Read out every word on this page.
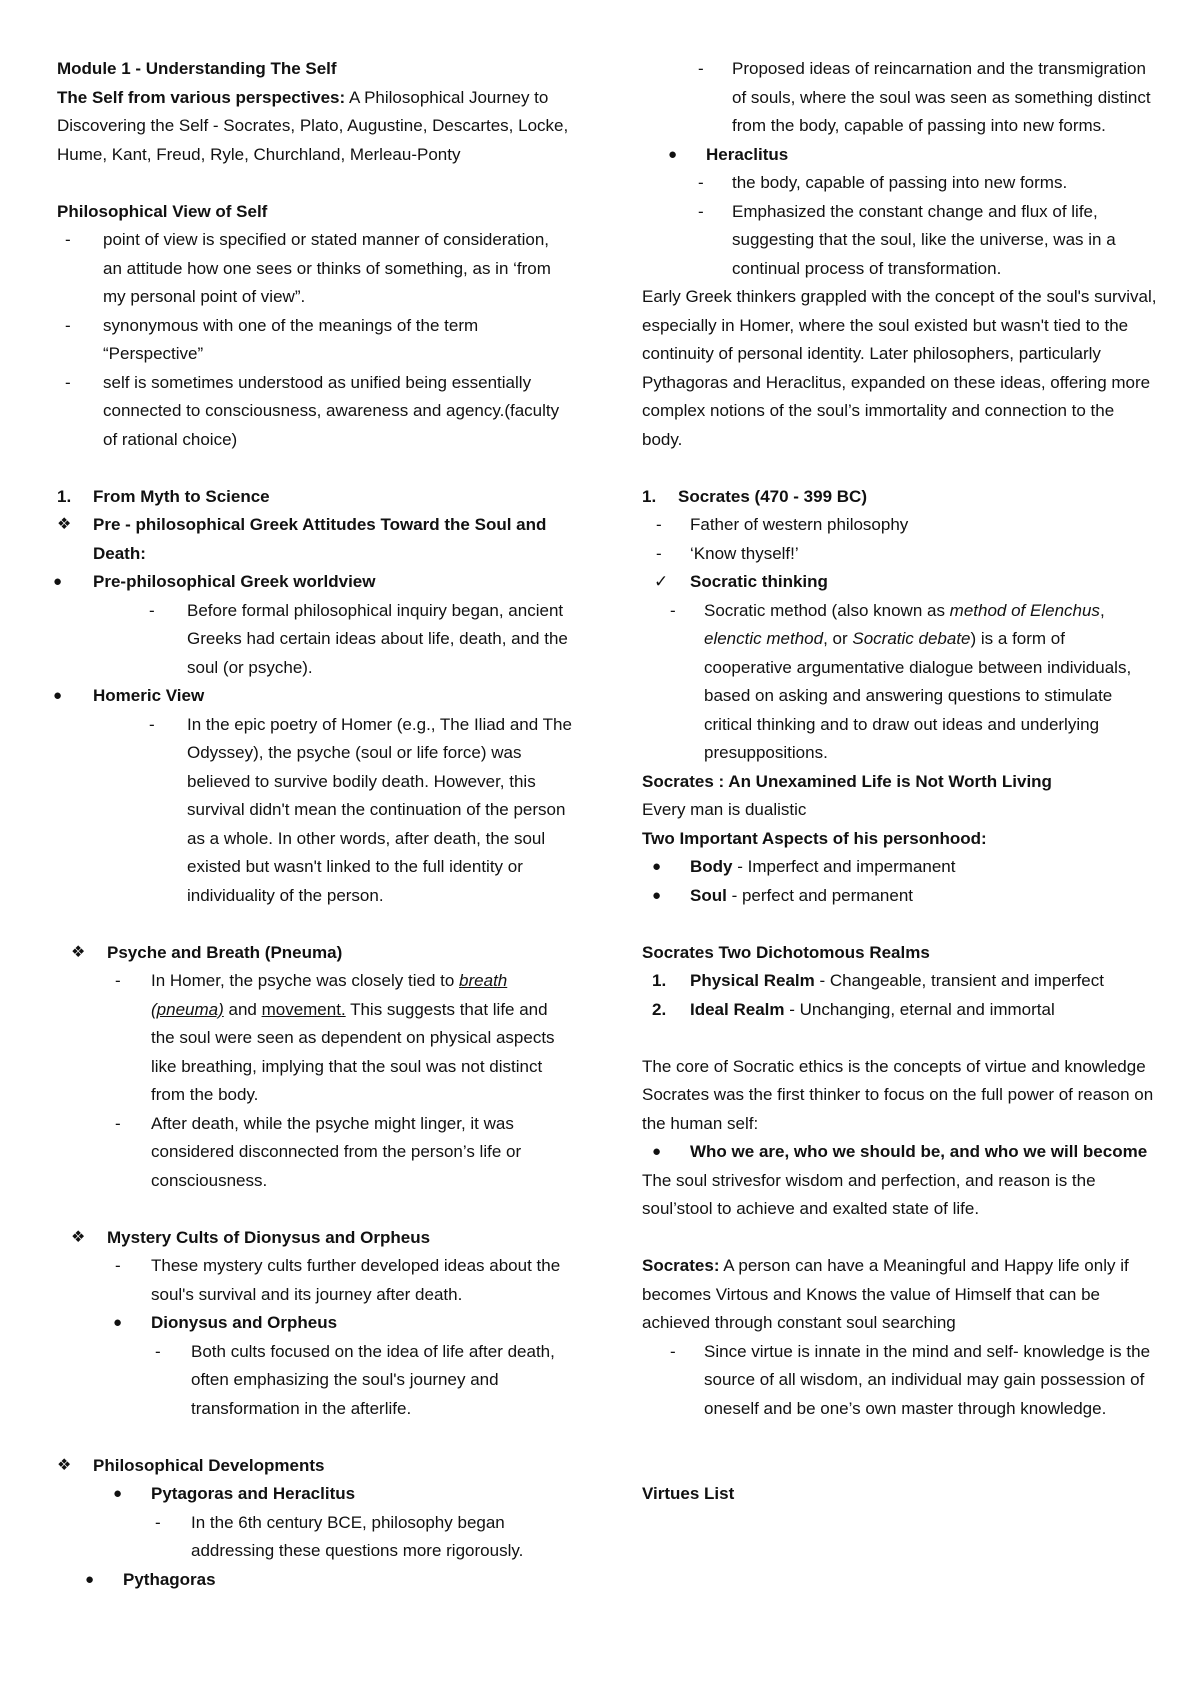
Module 1 - Understanding The Self

The Self from various perspectives: A Philosophical Journey to Discovering the Self - Socrates, Plato, Augustine, Descartes, Locke, Hume, Kant, Freud, Ryle, Churchland, Merleau-Ponty

Philosophical View of Self

- point of view is specified or stated manner of consideration, an attitude how one sees or thinks of something, as in ‘from my personal point of view”.
- synonymous with one of the meanings of the term “Perspective”
- self is sometimes understood as unified being essentially connected to consciousness, awareness and agency.(faculty of rational choice)
1. From Myth to Science
❖ Pre - philosophical Greek Attitudes Toward the Soul and Death:
● Pre-philosophical Greek worldview
- Before formal philosophical inquiry began, ancient Greeks had certain ideas about life, death, and the soul (or psyche).
● Homeric View
- In the epic poetry of Homer (e.g., The Iliad and The Odyssey), the psyche (soul or life force) was believed to survive bodily death. However, this survival didn't mean the continuation of the person as a whole. In other words, after death, the soul existed but wasn't linked to the full identity or individuality of the person.
❖ Psyche and Breath (Pneuma)
- In Homer, the psyche was closely tied to breath (pneuma) and movement. This suggests that life and the soul were seen as dependent on physical aspects like breathing, implying that the soul was not distinct from the body.
- After death, while the psyche might linger, it was considered disconnected from the person’s life or consciousness.
❖ Mystery Cults of Dionysus and Orpheus
- These mystery cults further developed ideas about the soul's survival and its journey after death.
● Dionysus and Orpheus
- Both cults focused on the idea of life after death, often emphasizing the soul's journey and transformation in the afterlife.
❖ Philosophical Developments
● Pytagoras and Heraclitus
- In the 6th century BCE, philosophy began addressing these questions more rigorously.
● Pythagoras
- Proposed ideas of reincarnation and the transmigration of souls, where the soul was seen as something distinct from the body, capable of passing into new forms.
● Heraclitus
- the body, capable of passing into new forms.
- Emphasized the constant change and flux of life, suggesting that the soul, like the universe, was in a continual process of transformation.

Early Greek thinkers grappled with the concept of the soul's survival, especially in Homer, where the soul existed but wasn't tied to the continuity of personal identity. Later philosophers, particularly Pythagoras and Heraclitus, expanded on these ideas, offering more complex notions of the soul’s immortality and connection to the body.

1. Socrates (470 - 399 BC)
- Father of western philosophy
- ‘Know thyself!’
✓ Socratic thinking
- Socratic method (also known as method of Elenchus, elenctic method, or Socratic debate) is a form of cooperative argumentative dialogue between individuals, based on asking and answering questions to stimulate critical thinking and to draw out ideas and underlying presuppositions.

Socrates : An Unexamined Life is Not Worth Living

Every man is dualistic

Two Important Aspects of his personhood:

● Body - Imperfect and impermanent
● Soul - perfect and permanent

Socrates Two Dichotomous Realms

1. Physical Realm - Changeable, transient and imperfect
2. Ideal Realm - Unchanging, eternal and immortal

The core of Socratic ethics is the concepts of virtue and knowledge

Socrates was the first thinker to focus on the full power of reason on the human self:

● Who we are, who we should be, and who we will become

The soul strivesfor wisdom and perfection, and reason is the soul’stool to achieve and exalted state of life.

Socrates: A person can have a Meaningful and Happy life only if becomes Virtous and Knows the value of Himself that can be achieved through constant soul searching

- Since virtue is innate in the mind and self- knowledge is the source of all wisdom, an individual may gain possession of oneself and be one’s own master through knowledge.

Virtues List
